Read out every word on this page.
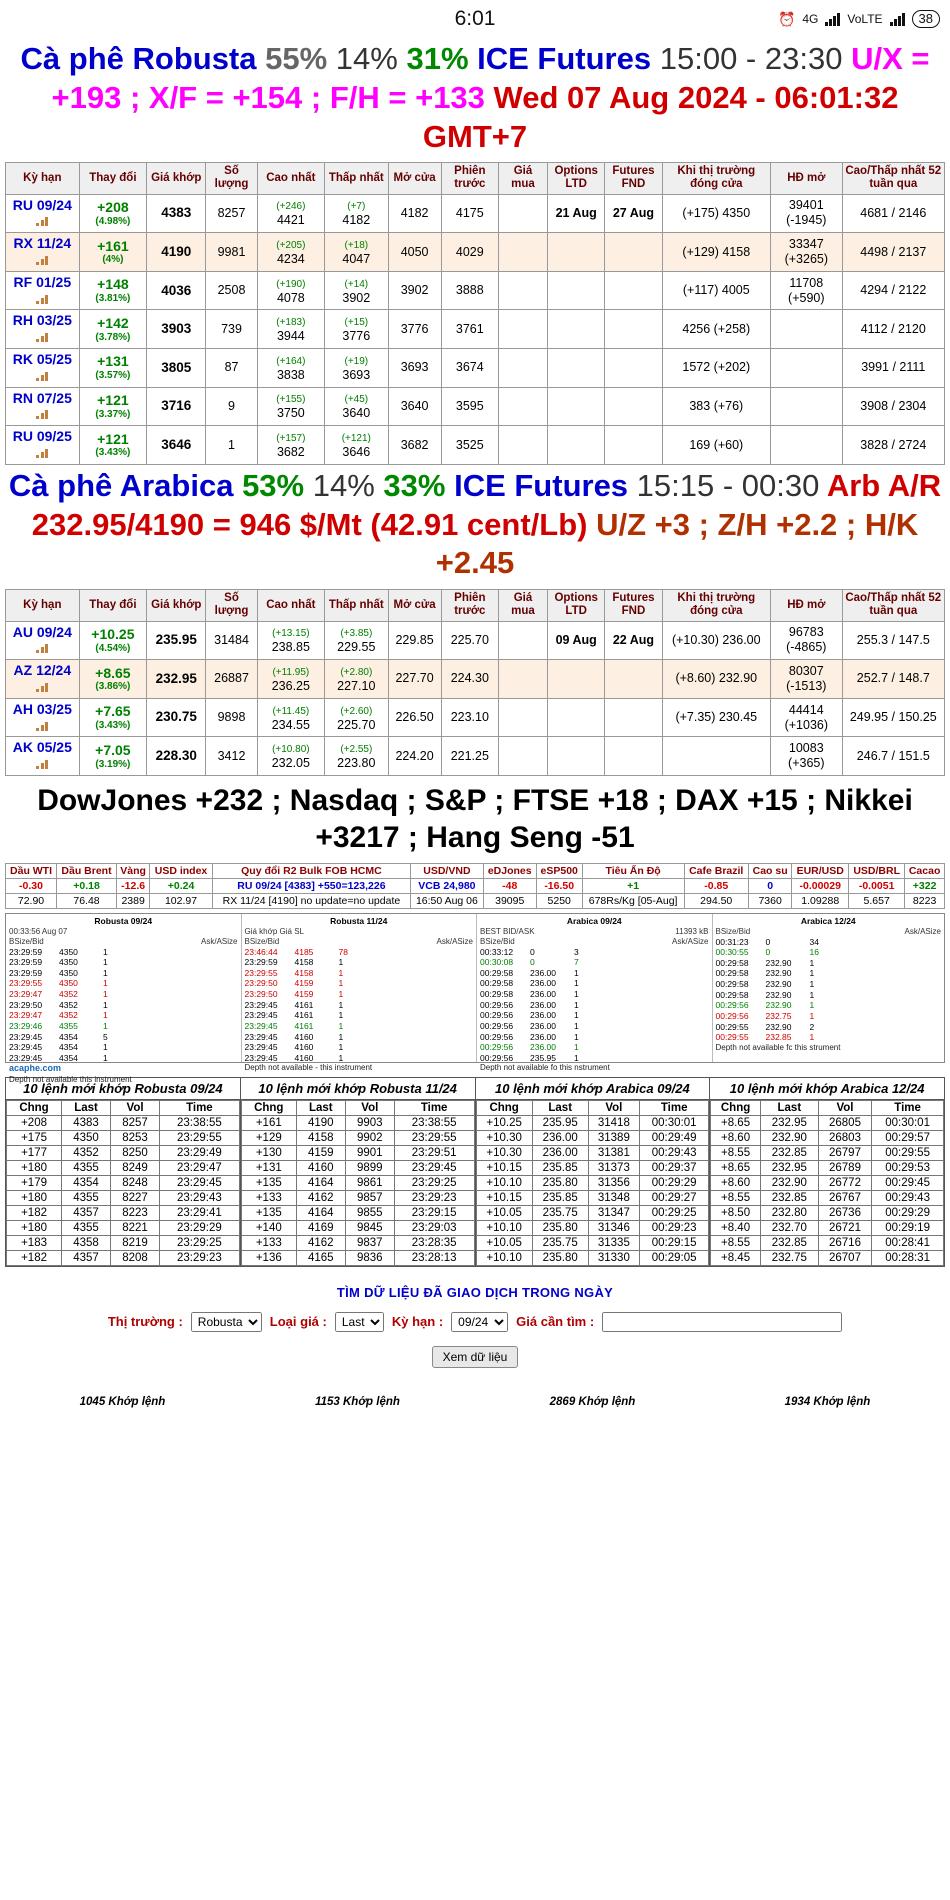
6:01	⏰ 4G VoLTE	38
Cà phê Robusta 55% 14% 31% ICE Futures 15:00 - 23:30 U/X = +193 ; X/F = +154 ; F/H = +133 Wed 07 Aug 2024 - 06:01:32 GMT+7
Kỳ hạn	Thay đổi	Giá khớp	Số lượng	Cao nhất	Thấp nhất	Mở cửa	Phiên trước	Giá mua	Options LTD	Futures FND	Khi thị trường đóng cửa	HĐ mở	Cao/Thấp nhất 52 tuần qua
RU 09/24	+208
(4.98%)	4383	8257	(+246)
4421	(+7)
4182	4182	4175		21 Aug	27 Aug	(+175) 4350	39401
(-1945)	4681 / 2146
RX 11/24	+161
(4%)	4190	9981	(+205)
4234	(+18)
4047	4050	4029				(+129) 4158	33347
(+3265)	4498 / 2137
RF 01/25	+148
(3.81%)	4036	2508	(+190)
4078	(+14)
3902	3902	3888				(+117) 4005	11708
(+590)	4294 / 2122
RH 03/25	+142
(3.78%)	3903	739	(+183)
3944	(+15)
3776	3776	3761				4256 (+258)		4112 / 2120
RK 05/25	+131
(3.57%)	3805	87	(+164)
3838	(+19)
3693	3693	3674				1572 (+202)		3991 / 2111
RN 07/25	+121
(3.37%)	3716	9	(+155)
3750	(+45)
3640	3640	3595				383 (+76)		3908 / 2304
RU 09/25	+121
(3.43%)	3646	1	(+157)
3682	(+121)
3646	3682	3525				169 (+60)		3828 / 2724
Cà phê Arabica 53% 14% 33% ICE Futures 15:15 - 00:30 Arb A/R 232.95/4190 = 946 $/Mt (42.91 cent/Lb) U/Z +3 ; Z/H +2.2 ; H/K +2.45
Kỳ hạn	Thay đổi	Giá khớp	Số lượng	Cao nhất	Thấp nhất	Mở cửa	Phiên trước	Giá mua	Options LTD	Futures FND	Khi thị trường đóng cửa	HĐ mở	Cao/Thấp nhất 52 tuần qua
AU 09/24	+10.25
(4.54%)	235.95	31484	(+13.15)
238.85	(+3.85)
229.55	229.85	225.70		09 Aug	22 Aug	(+10.30) 236.00	96783
(-4865)	255.3 / 147.5
AZ 12/24	+8.65
(3.86%)	232.95	26887	(+11.95)
236.25	(+2.80)
227.10	227.70	224.30				(+8.60) 232.90	80307
(-1513)	252.7 / 148.7
AH 03/25	+7.65
(3.43%)	230.75	9898	(+11.45)
234.55	(+2.60)
225.70	226.50	223.10				(+7.35) 230.45	44414
(+1036)	249.95 / 150.25
AK 05/25	+7.05
(3.19%)	228.30	3412	(+10.80)
232.05	(+2.55)
223.80	224.20	221.25					10083
(+365)	246.7 / 151.5
DowJones +232 ; Nasdaq ; S&P ; FTSE +18 ; DAX +15 ; Nikkei +3217 ; Hang Seng -51
Dầu WTI	Dầu Brent	Vàng	USD index	Quy đổi R2 Bulk FOB HCMC	USD/VND	eDJones	eSP500	Tiêu Ấn Độ	Cafe Brazil	Cao su	EUR/USD	USD/BRL	Cacao
-0.30	+0.18	-12.6	+0.24	RU 09/24 [4383] +550=123,226	VCB 24,980	-48	-16.50	+1	-0.85	0	-0.00029	-0.0051	+322
72.90	76.48	2389	102.97	RX 11/24 [4190] no update=no update	16:50 Aug 06	39095	5250	678Rs/Kg [05-Aug]	294.50	7360	1.09288	5.657	8223
Robusta 09/24
00:33:56 Aug 07
BSize/Bid	Ask/ASize
23:29:59	4350	1
23:29:59	4350	1
23:29:59	4350	1
23:29:55	4350	1
23:29:47	4352	1
23:29:50	4352	1
23:29:47	4352	1
23:29:46	4355	1
23:29:45	4354	5
23:29:45	4354	1
23:29:45	4354	1
acaphe.com
Depth not available this instrument
Robusta 11/24
Giá khớp Giá SL
BSize/Bid	Ask/ASize
23:46:44	4185	78
23:29:59	4158	1
23:29:55	4158	1
23:29:50	4159	1
23:29:50	4159	1
23:29:45	4161	1
23:29:45	4161	1
23:29:45	4161	1
23:29:45	4160	1
23:29:45	4160	1
23:29:45	4160	1
Depth not available - this instrument
Arabica 09/24
BEST BID/ASK	11393 kB
BSize/Bid	Ask/ASize
00:33:12	0	3
00:30:08	0	7
00:29:58	236.00	1
00:29:58	236.00	1
00:29:58	236.00	1
00:29:56	236.00	1
00:29:56	236.00	1
00:29:56	236.00	1
00:29:56	236.00	1
00:29:56	236.00	1
00:29:56	235.95	1
Depth not available fo this nstrument
Arabica 12/24
BSize/Bid	Ask/ASize
00:31:23	0	34
00:30:55	0	16
00:29:58	232.90	1
00:29:58	232.90	1
00:29:58	232.90	1
00:29:58	232.90	1
00:29:56	232.90	1
00:29:56	232.75	1
00:29:55	232.90	2
00:29:55	232.85	1
Depth not available fc this strument
10 lệnh mới khớp Robusta 09/24
Chng	Last	Vol	Time
+208	4383	8257	23:38:55
+175	4350	8253	23:29:55
+177	4352	8250	23:29:49
+180	4355	8249	23:29:47
+179	4354	8248	23:29:45
+180	4355	8227	23:29:43
+182	4357	8223	23:29:41
+180	4355	8221	23:29:29
+183	4358	8219	23:29:25
+182	4357	8208	23:29:23
10 lệnh mới khớp Robusta 11/24
Chng	Last	Vol	Time
+161	4190	9903	23:38:55
+129	4158	9902	23:29:55
+130	4159	9901	23:29:51
+131	4160	9899	23:29:45
+135	4164	9861	23:29:25
+133	4162	9857	23:29:23
+135	4164	9855	23:29:15
+140	4169	9845	23:29:03
+133	4162	9837	23:28:35
+136	4165	9836	23:28:13
10 lệnh mới khớp Arabica 09/24
Chng	Last	Vol	Time
+10.25	235.95	31418	00:30:01
+10.30	236.00	31389	00:29:49
+10.30	236.00	31381	00:29:43
+10.15	235.85	31373	00:29:37
+10.10	235.80	31356	00:29:29
+10.15	235.85	31348	00:29:27
+10.05	235.75	31347	00:29:25
+10.10	235.80	31346	00:29:23
+10.05	235.75	31335	00:29:15
+10.10	235.80	31330	00:29:05
10 lệnh mới khớp Arabica 12/24
Chng	Last	Vol	Time
+8.65	232.95	26805	00:30:01
+8.60	232.90	26803	00:29:57
+8.55	232.85	26797	00:29:55
+8.65	232.95	26789	00:29:53
+8.60	232.90	26772	00:29:45
+8.55	232.85	26767	00:29:43
+8.50	232.80	26736	00:29:29
+8.40	232.70	26721	00:29:19
+8.55	232.85	26716	00:28:41
+8.45	232.75	26707	00:28:31
TÌM DỮ LIỆU ĐÃ GIAO DỊCH TRONG NGÀY
Thị trường :
Robusta	Loại giá :
Last	Kỳ hạn :
09/24	Giá cần tìm :
Xem dữ liệu
1045 Khớp lệnh	1153 Khớp lệnh	2869 Khớp lệnh	1934 Khớp lệnh
